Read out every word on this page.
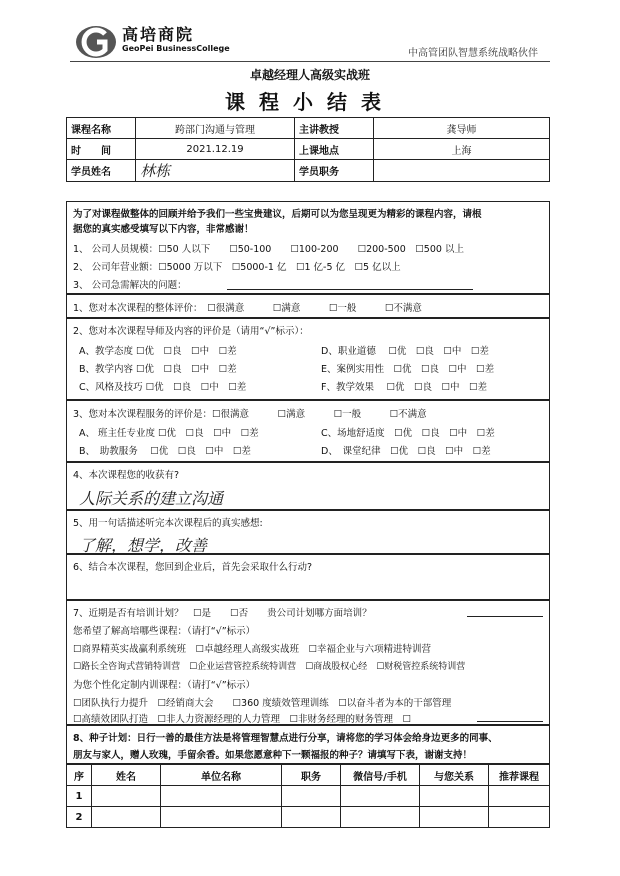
高培商院
GeoPei BusinessCollege	中高管团队智慧系统战略伙伴
卓越经理人高级实战班
课程小结表
课程名称	跨部门沟通与管理	主讲教授	龚导师
时　　间	2021.12.19	上课地点	上海
学员姓名	林栋	学员职务	
为了对课程做整体的回顾并给予我们一些宝贵建议，后期可以为您呈现更为精彩的课程内容，请根
据您的真实感受填写以下内容，非常感谢！
1、 公司人员规模：☐50 人以下　　☐50-100　　☐100-200　　☐200-500　☐500 以上
2、 公司年营业额：☐5000 万以下　☐5000-1 亿　☐1 亿-5 亿　☐5 亿以上
3、 公司急需解决的问题：
1、您对本次课程的整体评价：　☐很满意　　　☐满意　　　☐一般　　　☐不满意
2、您对本次课程导师及内容的评价是（请用“√”标示）：
A、教学态度 ☐优　☐良　☐中　☐差	D、职业道德　 ☐优　☐良　☐中　☐差
B、教学内容 ☐优　☐良　☐中　☐差	E、案例实用性　☐优　☐良　☐中　☐差
C、风格及技巧 ☐优　☐良　☐中　☐差	F、教学效果　 ☐优　☐良　☐中　☐差
3、您对本次课程服务的评价是：☐很满意　　　☐满意　　　☐一般　　　☐不满意
A、 班主任专业度 ☐优　☐良　☐中　☐差	C、场地舒适度　☐优　☐良　☐中　☐差
B、　助教服务　 ☐优　☐良　☐中　☐差	D、　课堂纪律　☐优　☐良　☐中　☐差
4、本次课程您的收获有?
人际关系的建立沟通
5、用一句话描述听完本次课程后的真实感想:
了解，想学，改善
6、结合本次课程，您回到企业后，首先会采取什么行动?
7、近期是否有培训计划？　☐是　　☐否　　贵公司计划哪方面培训？
您希望了解高培哪些课程：（请打“√”标示）
☐商界精英实战赢利系统班　☐卓越经理人高级实战班　☐幸福企业与六项精进特训营
☐路长全咨询式营销特训营　☐企业运营管控系统特训营　☐商战股权心经　☐财税管控系统特训营
为您个性化定制内训课程：（请打“√”标示）
☐团队执行力提升　☐经销商大会　　☐360 度绩效管理训练　☐以奋斗者为本的干部管理
☐高绩效团队打造　☐非人力资源经理的人力管理　☐非财务经理的财务管理　☐
8、种子计划：日行一善的最佳方法是将管理智慧点进行分享，请将您的学习体会给身边更多的同事、
朋友与家人，赠人玫瑰，手留余香。如果您愿意种下一颗福报的种子？请填写下表，谢谢支持！
序	姓名	单位名称	职务	微信号/手机	与您关系	推荐课程
1						
2						
